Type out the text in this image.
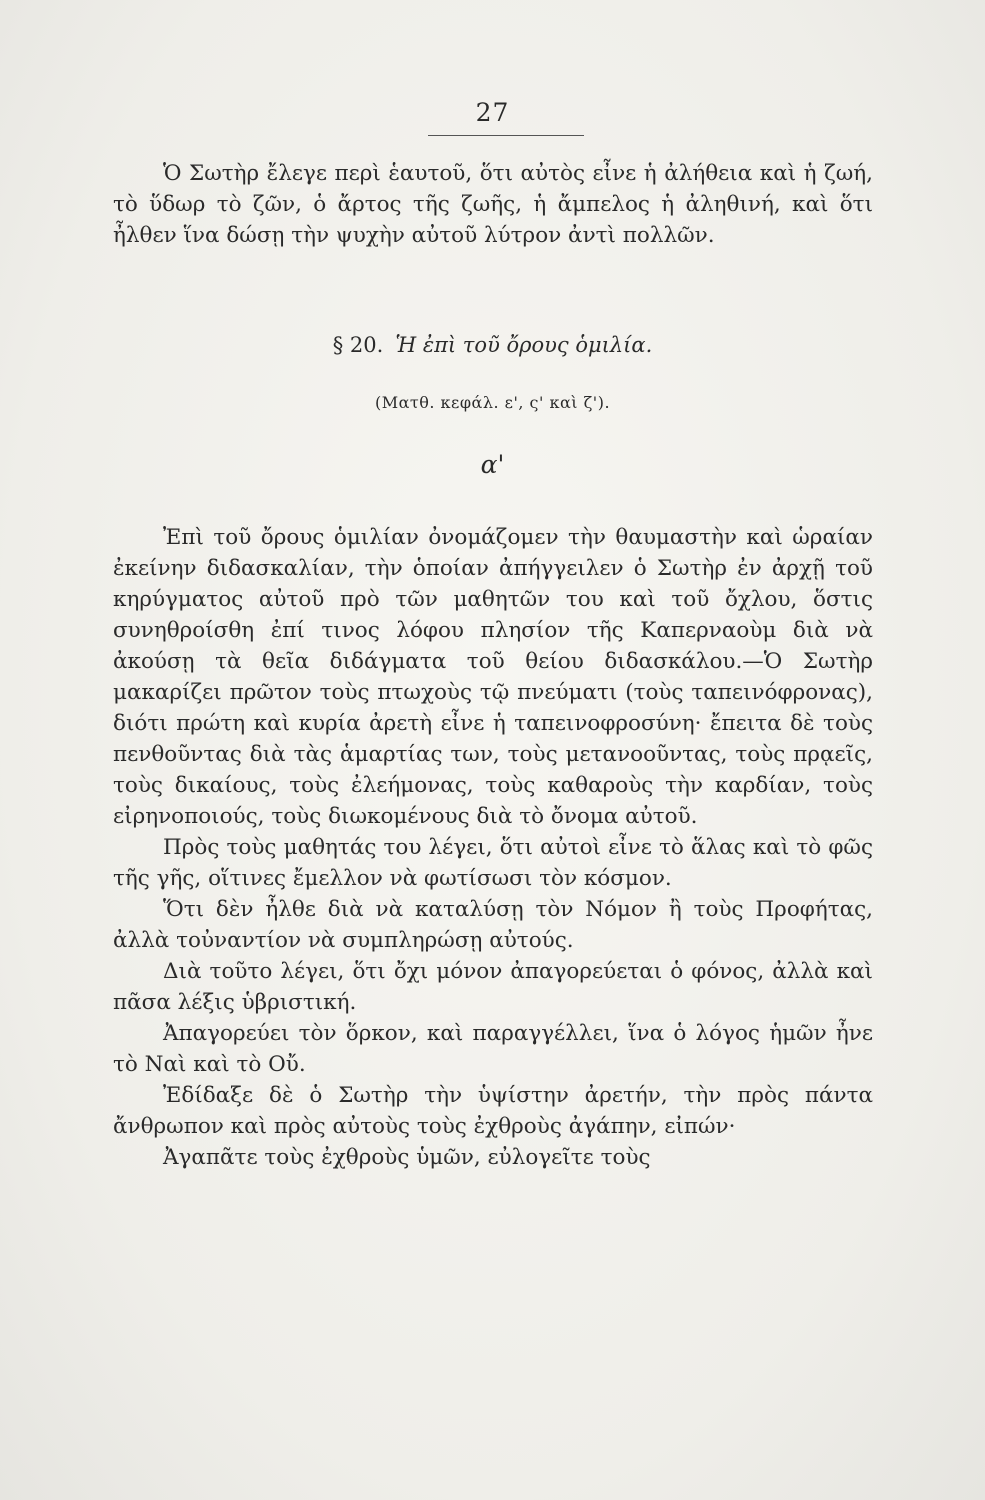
27

Ὁ Σωτὴρ ἔλεγε περὶ ἑαυτοῦ, ὅτι αὐτὸς εἶνε ἡ ἀλήθεια καὶ ἡ ζωή, τὸ ὕδωρ τὸ ζῶν, ὁ ἄρτος τῆς ζωῆς, ἡ ἄμπελος ἡ ἀληθινή, καὶ ὅτι ἦλθεν ἵνα δώσῃ τὴν ψυχὴν αὐτοῦ λύτρον ἀντὶ πολλῶν.

§ 20. Ἡ ἐπὶ τοῦ ὄρους ὁμιλία.
(Ματθ. κεφάλ. ε', ς' καὶ ζ').
α'

Ἐπὶ τοῦ ὄρους ὁμιλίαν ὀνομάζομεν τὴν θαυμαστὴν καὶ ὡραίαν ἐκείνην διδασκαλίαν, τὴν ὁποίαν ἀπήγγειλεν ὁ Σωτὴρ ἐν ἀρχῇ τοῦ κηρύγματος αὐτοῦ πρὸ τῶν μαθητῶν του καὶ τοῦ ὄχλου, ὅστις συνηθροίσθη ἐπί τινος λόφου πλησίον τῆς Καπερναοὺμ διὰ νὰ ἀκούσῃ τὰ θεῖα διδάγματα τοῦ θείου διδασκάλου.—Ὁ Σωτὴρ μακαρίζει πρῶτον τοὺς πτωχοὺς τῷ πνεύματι (τοὺς ταπεινόφρονας), διότι πρώτη καὶ κυρία ἀρετὴ εἶνε ἡ ταπεινοφροσύνη· ἔπειτα δὲ τοὺς πενθοῦντας διὰ τὰς ἁμαρτίας των, τοὺς μετανοοῦντας, τοὺς πρᾳεῖς, τοὺς δικαίους, τοὺς ἐλεήμονας, τοὺς καθαροὺς τὴν καρδίαν, τοὺς εἰρηνοποιούς, τοὺς διωκομένους διὰ τὸ ὄνομα αὐτοῦ.

Πρὸς τοὺς μαθητάς του λέγει, ὅτι αὐτοὶ εἶνε τὸ ἅλας καὶ τὸ φῶς τῆς γῆς, οἵτινες ἔμελλον νὰ φωτίσωσι τὸν κόσμον.

Ὅτι δὲν ἦλθε διὰ νὰ καταλύσῃ τὸν Νόμον ἢ τοὺς Προφήτας, ἀλλὰ τοὐναντίον νὰ συμπληρώσῃ αὐτούς.

Διὰ τοῦτο λέγει, ὅτι ὄχι μόνον ἀπαγορεύεται ὁ φόνος, ἀλλὰ καὶ πᾶσα λέξις ὑβριστική.

Ἀπαγορεύει τὸν ὅρκον, καὶ παραγγέλλει, ἵνα ὁ λόγος ἡμῶν ἦνε τὸ Ναὶ καὶ τὸ Οὔ.

Ἐδίδαξε δὲ ὁ Σωτὴρ τὴν ὑψίστην ἀρετήν, τὴν πρὸς πάντα ἄνθρωπον καὶ πρὸς αὐτοὺς τοὺς ἐχθροὺς ἀγάπην, εἰπών·

Ἀγαπᾶτε τοὺς ἐχθροὺς ὑμῶν, εὐλογεῖτε τοὺς
